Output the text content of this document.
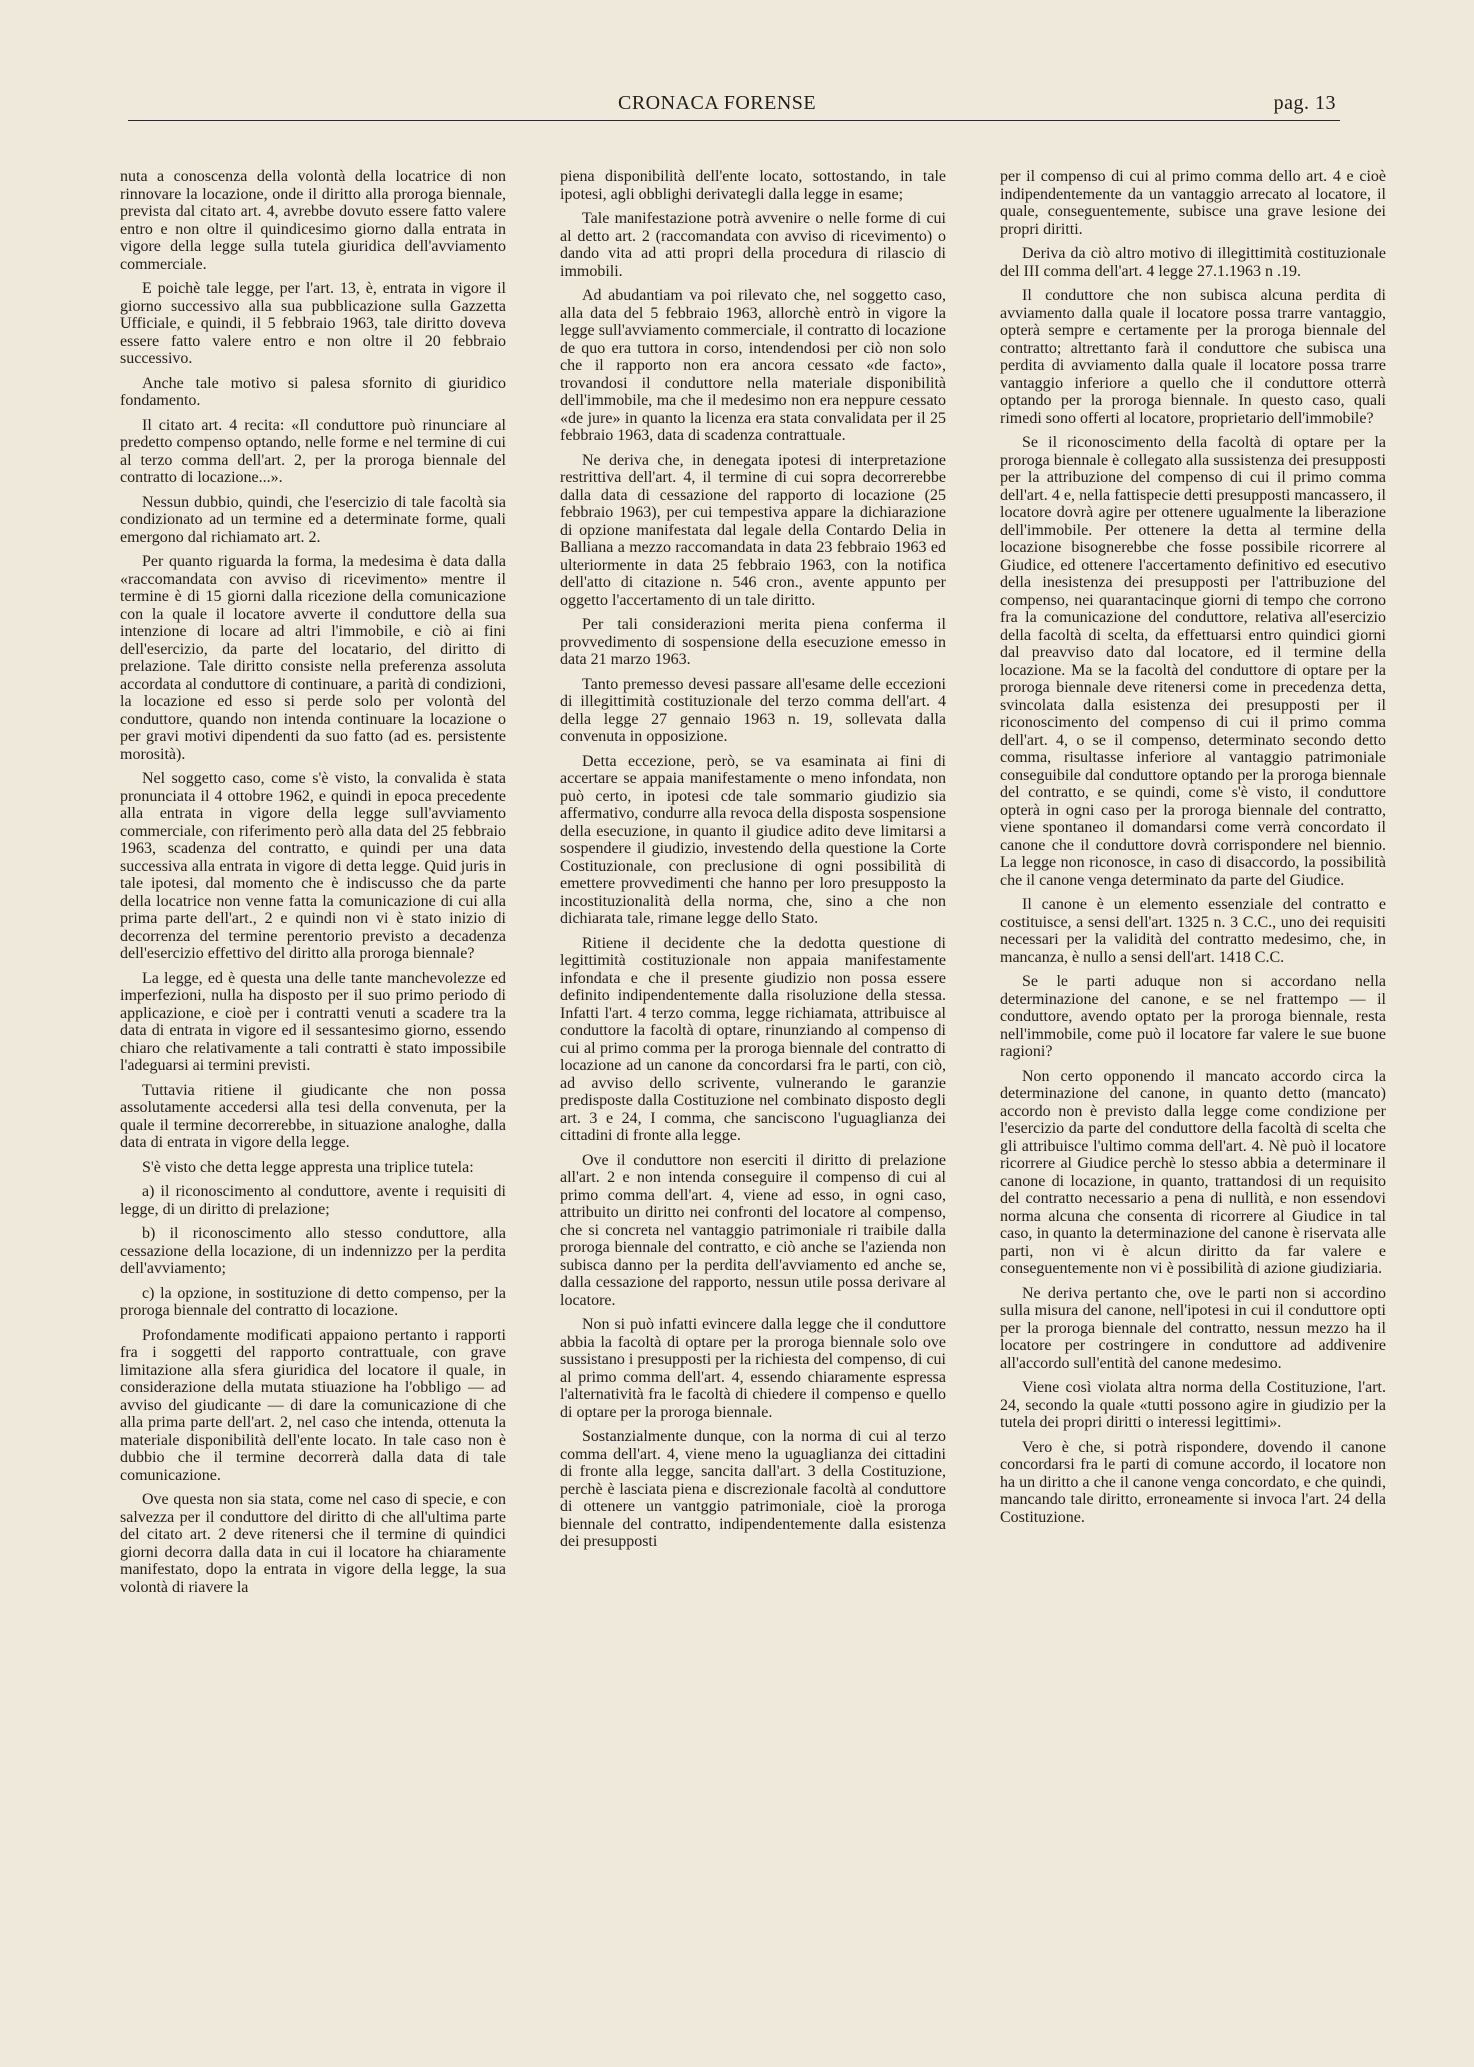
CRONACA FORENSE	pag. 13

nuta a conoscenza della volontà della locatrice di non rinnovare la locazione, onde il diritto alla proroga biennale, prevista dal citato art. 4, avrebbe dovuto essere fatto valere entro e non oltre il quindicesimo giorno dalla entrata in vigore della legge sulla tutela giuridica dell'avviamento commerciale.

E poichè tale legge, per l'art. 13, è, entrata in vigore il giorno successivo alla sua pubblicazione sulla Gazzetta Ufficiale, e quindi, il 5 febbraio 1963, tale diritto doveva essere fatto valere entro e non oltre il 20 febbraio successivo.

Anche tale motivo si palesa sfornito di giuridico fondamento.

Il citato art. 4 recita: «Il conduttore può rinunciare al predetto compenso optando, nelle forme e nel termine di cui al terzo comma dell'art. 2, per la proroga biennale del contratto di locazione...».

Nessun dubbio, quindi, che l'esercizio di tale facoltà sia condizionato ad un termine ed a determinate forme, quali emergono dal richiamato art. 2.

Per quanto riguarda la forma, la medesima è data dalla «raccomandata con avviso di ricevimento» mentre il termine è di 15 giorni dalla ricezione della comunicazione con la quale il locatore avverte il conduttore della sua intenzione di locare ad altri l'immobile, e ciò ai fini dell'esercizio, da parte del locatario, del diritto di prelazione. Tale diritto consiste nella preferenza assoluta accordata al conduttore di continuare, a parità di condizioni, la locazione ed esso si perde solo per volontà del conduttore, quando non intenda continuare la locazione o per gravi motivi dipendenti da suo fatto (ad es. persistente morosità).

Nel soggetto caso, come s'è visto, la convalida è stata pronunciata il 4 ottobre 1962, e quindi in epoca precedente alla entrata in vigore della legge sull'avviamento commerciale, con riferimento però alla data del 25 febbraio 1963, scadenza del contratto, e quindi per una data successiva alla entrata in vigore di detta legge. Quid juris in tale ipotesi, dal momento che è indiscusso che da parte della locatrice non venne fatta la comunicazione di cui alla prima parte dell'art., 2 e quindi non vi è stato inizio di decorrenza del termine perentorio previsto a decadenza dell'esercizio effettivo del diritto alla proroga biennale?

La legge, ed è questa una delle tante manchevolezze ed imperfezioni, nulla ha disposto per il suo primo periodo di applicazione, e cioè per i contratti venuti a scadere tra la data di entrata in vigore ed il sessantesimo giorno, essendo chiaro che relativamente a tali contratti è stato impossibile l'adeguarsi ai termini previsti.

Tuttavia ritiene il giudicante che non possa assolutamente accedersi alla tesi della convenuta, per la quale il termine decorrerebbe, in situazione analoghe, dalla data di entrata in vigore della legge.

S'è visto che detta legge appresta una triplice tutela:

a) il riconoscimento al conduttore, avente i requisiti di legge, di un diritto di prelazione;

b) il riconoscimento allo stesso conduttore, alla cessazione della locazione, di un indennizzo per la perdita dell'avviamento;

c) la opzione, in sostituzione di detto compenso, per la proroga biennale del contratto di locazione.

Profondamente modificati appaiono pertanto i rapporti fra i soggetti del rapporto contrattuale, con grave limitazione alla sfera giuridica del locatore il quale, in considerazione della mutata stiuazione ha l'obbligo — ad avviso del giudicante — di dare la comunicazione di che alla prima parte dell'art. 2, nel caso che intenda, ottenuta la materiale disponibilità dell'ente locato. In tale caso non è dubbio che il termine decorrerà dalla data di tale comunicazione.

Ove questa non sia stata, come nel caso di specie, e con salvezza per il conduttore del diritto di che all'ultima parte del citato art. 2 deve ritenersi che il termine di quindici giorni decorra dalla data in cui il locatore ha chiaramente manifestato, dopo la entrata in vigore della legge, la sua volontà di riavere la

piena disponibilità dell'ente locato, sottostando, in tale ipotesi, agli obblighi derivategli dalla legge in esame;

Tale manifestazione potrà avvenire o nelle forme di cui al detto art. 2 (raccomandata con avviso di ricevimento) o dando vita ad atti propri della procedura di rilascio di immobili.

Ad abudantiam va poi rilevato che, nel soggetto caso, alla data del 5 febbraio 1963, allorchè entrò in vigore la legge sull'avviamento commerciale, il contratto di locazione de quo era tuttora in corso, intendendosi per ciò non solo che il rapporto non era ancora cessato «de facto», trovandosi il conduttore nella materiale disponibilità dell'immobile, ma che il medesimo non era neppure cessato «de jure» in quanto la licenza era stata convalidata per il 25 febbraio 1963, data di scadenza contrattuale.

Ne deriva che, in denegata ipotesi di interpretazione restrittiva dell'art. 4, il termine di cui sopra decorrerebbe dalla data di cessazione del rapporto di locazione (25 febbraio 1963), per cui tempestiva appare la dichiarazione di opzione manifestata dal legale della Contardo Delia in Balliana a mezzo raccomandata in data 23 febbraio 1963 ed ulteriormente in data 25 febbraio 1963, con la notifica dell'atto di citazione n. 546 cron., avente appunto per oggetto l'accertamento di un tale diritto.

Per tali considerazioni merita piena conferma il provvedimento di sospensione della esecuzione emesso in data 21 marzo 1963.

Tanto premesso devesi passare all'esame delle eccezioni di illegittimità costituzionale del terzo comma dell'art. 4 della legge 27 gennaio 1963 n. 19, sollevata dalla convenuta in opposizione.

Detta eccezione, però, se va esaminata ai fini di accertare se appaia manifestamente o meno infondata, non può certo, in ipotesi cde tale sommario giudizio sia affermativo, condurre alla revoca della disposta sospensione della esecuzione, in quanto il giudice adito deve limitarsi a sospendere il giudizio, investendo della questione la Corte Costituzionale, con preclusione di ogni possibilità di emettere provvedimenti che hanno per loro presupposto la incostituzionalità della norma, che, sino a che non dichiarata tale, rimane legge dello Stato.

Ritiene il decidente che la dedotta questione di legittimità costituzionale non appaia manifestamente infondata e che il presente giudizio non possa essere definito indipendentemente dalla risoluzione della stessa. Infatti l'art. 4 terzo comma, legge richiamata, attribuisce al conduttore la facoltà di optare, rinunziando al compenso di cui al primo comma per la proroga biennale del contratto di locazione ad un canone da concordarsi fra le parti, con ciò, ad avviso dello scrivente, vulnerando le garanzie predisposte dalla Costituzione nel combinato disposto degli art. 3 e 24, I comma, che sanciscono l'uguaglianza dei cittadini di fronte alla legge.

Ove il conduttore non eserciti il diritto di prelazione all'art. 2 e non intenda conseguire il compenso di cui al primo comma dell'art. 4, viene ad esso, in ogni caso, attribuito un diritto nei confronti del locatore al compenso, che si concreta nel vantaggio patrimoniale ri traibile dalla proroga biennale del contratto, e ciò anche se l'azienda non subisca danno per la perdita dell'avviamento ed anche se, dalla cessazione del rapporto, nessun utile possa derivare al locatore.

Non si può infatti evincere dalla legge che il conduttore abbia la facoltà di optare per la proroga biennale solo ove sussistano i presupposti per la richiesta del compenso, di cui al primo comma dell'art. 4, essendo chiaramente espressa l'alternatività fra le facoltà di chiedere il compenso e quello di optare per la proroga biennale.

Sostanzialmente dunque, con la norma di cui al terzo comma dell'art. 4, viene meno la uguaglianza dei cittadini di fronte alla legge, sancita dall'art. 3 della Costituzione, perchè è lasciata piena e discrezionale facoltà al conduttore di ottenere un vantggio patrimoniale, cioè la proroga biennale del contratto, indipendentemente dalla esistenza dei presupposti

per il compenso di cui al primo comma dello art. 4 e cioè indipendentemente da un vantaggio arrecato al locatore, il quale, conseguentemente, subisce una grave lesione dei propri diritti.

Deriva da ciò altro motivo di illegittimità costituzionale del III comma dell'art. 4 legge 27.1.1963 n .19.

Il conduttore che non subisca alcuna perdita di avviamento dalla quale il locatore possa trarre vantaggio, opterà sempre e certamente per la proroga biennale del contratto; altrettanto farà il conduttore che subisca una perdita di avviamento dalla quale il locatore possa trarre vantaggio inferiore a quello che il conduttore otterrà optando per la proroga biennale. In questo caso, quali rimedi sono offerti al locatore, proprietario dell'immobile?

Se il riconoscimento della facoltà di optare per la proroga biennale è collegato alla sussistenza dei presupposti per la attribuzione del compenso di cui il primo comma dell'art. 4 e, nella fattispecie detti presupposti mancassero, il locatore dovrà agire per ottenere ugualmente la liberazione dell'immobile. Per ottenere la detta al termine della locazione bisognerebbe che fosse possibile ricorrere al Giudice, ed ottenere l'accertamento definitivo ed esecutivo della inesistenza dei presupposti per l'attribuzione del compenso, nei quarantacinque giorni di tempo che corrono fra la comunicazione del conduttore, relativa all'esercizio della facoltà di scelta, da effettuarsi entro quindici giorni dal preavviso dato dal locatore, ed il termine della locazione. Ma se la facoltà del conduttore di optare per la proroga biennale deve ritenersi come in precedenza detta, svincolata dalla esistenza dei presupposti per il riconoscimento del compenso di cui il primo comma dell'art. 4, o se il compenso, determinato secondo detto comma, risultasse inferiore al vantaggio patrimoniale conseguibile dal conduttore optando per la proroga biennale del contratto, e se quindi, come s'è visto, il conduttore opterà in ogni caso per la proroga biennale del contratto, viene spontaneo il domandarsi come verrà concordato il canone che il conduttore dovrà corrispondere nel biennio. La legge non riconosce, in caso di disaccordo, la possibilità che il canone venga determinato da parte del Giudice.

Il canone è un elemento essenziale del contratto e costituisce, a sensi dell'art. 1325 n. 3 C.C., uno dei requisiti necessari per la validità del contratto medesimo, che, in mancanza, è nullo a sensi dell'art. 1418 C.C.

Se le parti aduque non si accordano nella determinazione del canone, e se nel frattempo — il conduttore, avendo optato per la proroga biennale, resta nell'immobile, come può il locatore far valere le sue buone ragioni?

Non certo opponendo il mancato accordo circa la determinazione del canone, in quanto detto (mancato) accordo non è previsto dalla legge come condizione per l'esercizio da parte del conduttore della facoltà di scelta che gli attribuisce l'ultimo comma dell'art. 4. Nè può il locatore ricorrere al Giudice perchè lo stesso abbia a determinare il canone di locazione, in quanto, trattandosi di un requisito del contratto necessario a pena di nullità, e non essendovi norma alcuna che consenta di ricorrere al Giudice in tal caso, in quanto la determinazione del canone è riservata alle parti, non vi è alcun diritto da far valere e conseguentemente non vi è possibilità di azione giudiziaria.

Ne deriva pertanto che, ove le parti non si accordino sulla misura del canone, nell'ipotesi in cui il conduttore opti per la proroga biennale del contratto, nessun mezzo ha il locatore per costringere in conduttore ad addivenire all'accordo sull'entità del canone medesimo.

Viene così violata altra norma della Costituzione, l'art. 24, secondo la quale «tutti possono agire in giudizio per la tutela dei propri diritti o interessi legittimi».

Vero è che, si potrà rispondere, dovendo il canone concordarsi fra le parti di comune accordo, il locatore non ha un diritto a che il canone venga concordato, e che quindi, mancando tale diritto, erroneamente si invoca l'art. 24 della Costituzione.
